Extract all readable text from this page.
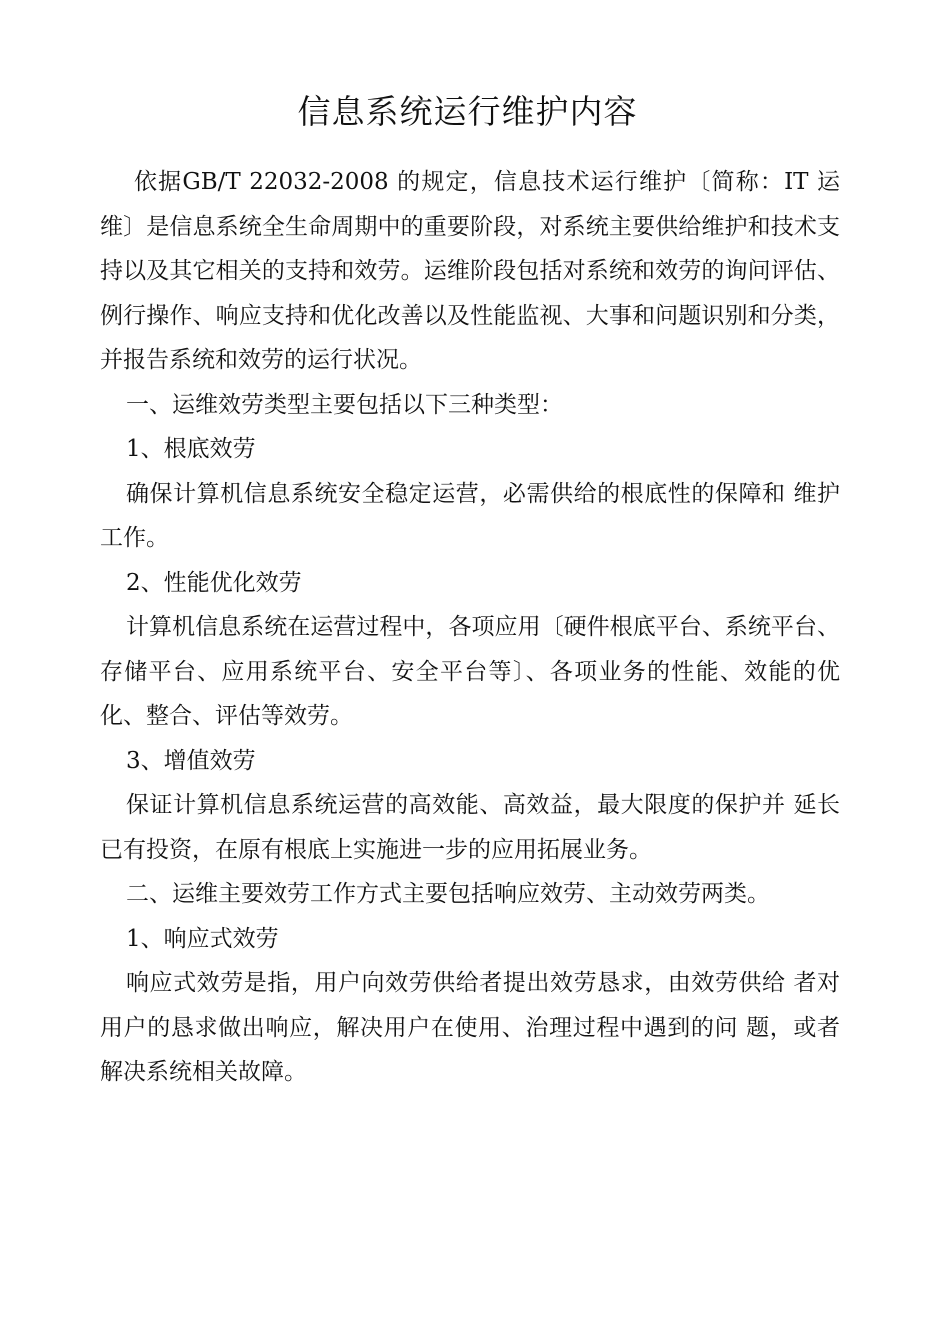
信息系统运行维护内容

依据GB/T 22032-2008 的规定，信息技术运行维护〔简称：IT 运维〕是信息系统全生命周期中的重要阶段，对系统主要供给维护和技术支持以及其它相关的支持和效劳。运维阶段包括对系统和效劳的询问评估、例行操作、响应支持和优化改善以及性能监视、大事和问题识别和分类，并报告系统和效劳的运行状况。

一、运维效劳类型主要包括以下三种类型：

1、根底效劳

确保计算机信息系统安全稳定运营，必需供给的根底性的保障和 维护工作。

2、性能优化效劳

计算机信息系统在运营过程中，各项应用〔硬件根底平台、系统平台、存储平台、应用系统平台、安全平台等〕、各项业务的性能、效能的优化、整合、评估等效劳。

3、增值效劳

保证计算机信息系统运营的高效能、高效益，最大限度的保护并 延长已有投资，在原有根底上实施进一步的应用拓展业务。

二、运维主要效劳工作方式主要包括响应效劳、主动效劳两类。

1、响应式效劳

响应式效劳是指，用户向效劳供给者提出效劳恳求，由效劳供给 者对用户的恳求做出响应，解决用户在使用、治理过程中遇到的问 题，或者解决系统相关故障。
